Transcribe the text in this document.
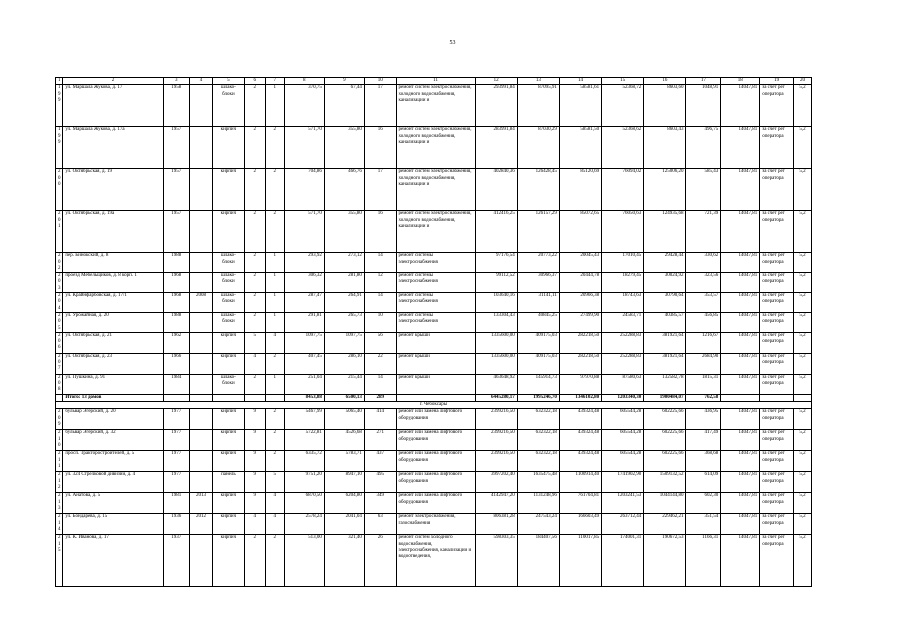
53
1	2	3	4	5	6	7	8	9	10	11	12	13	14	15	16	17	18	19	20
199	ул. Маршала Жукова, д. 17	1958		шлако-блоки	2	1	370,75	67,44	17	ремонт систем электроснабжения, холодного водоснабжения, канализации и	293991,84	87095,91	58581,61	52368,72	8603,60	1048,91	14047,81	за счет рег оператора	5,2
199	ул. Маршала Жукова, д. 17а	1957		кирпич	2	2	571,70	355,80	16	ремонт систем электроснабжения, холодного водоснабжения, канализации и	283991,84	87030,29	58581,50	52368,62	8603,43	496,75	14047,81	за счет рег оператора	5,2
200	ул. Октябрьская, д. 19	1957		кирпич	2	2	704,86	466,76	17	ремонт систем электроснабжения, холодного водоснабжения, канализации и	402840,36	126428,45	85120,69	76094,02	125006,20	585,43	14047,81	за счет рег оператора	5,2
201	ул. Октябрьская, д. 19а	1957		кирпич	2	2	571,70	355,80	16	ремонт систем электроснабжения, холодного водоснабжения, канализации и	412416,25	126157,29	85072,65	76050,63	124935,68	721,39	14047,81	за счет рег оператора	5,2
202	пер. Бинокский, д. 8	1988		шлако-блоки	2	1	293,92	273,12	14	ремонт системы электроснабжения	97176,54	20773,22	20045,43	17010,45	29428,44	330,62	14047,81	за счет рег оператора	5,2
203	проезд Мебельщиков, д. 8 корп. 1	1968		шлако-блоки	2	1	306,32	281,80	12	ремонт системы электроснабжения	99112,52	30966,37	20444,78	18279,45	30024,92	323,56	14047,81	за счет рег оператора	5,2
204	ул. Крайнфарбовская, д. 17/1	1968	2008	шлако-блоки	2	1	287,47	264,91	14	ремонт системы электроснабжения	103640,16	31141,11	20966,38	18743,63	30790,64	353,57	14047,81	за счет рег оператора	5,2
205	ул. Урожайная, д. 20	1988		шлако-блоки	2	1	291,81	265,73	10	ремонт системы электроснабжения	133304,43	40845,25	27499,90	24583,71	40385,57	456,85	14047,81	за счет рег оператора	5,2
206	ул. Октябрьская, д. 21	1962		кирпич	5	4	1097,75	1097,75	56	ремонт крыши	1335600,00	409175,03	282218,50	252288,83	381921,64	1216,67	14047,81	за счет рег оператора	5,2
207	ул. Октябрьская, д. 23	1966		кирпич	4	2	407,45	286,10	22	ремонт крыши	1335600,00	409175,03	282218,50	252288,83	381921,64	2684,90	14047,81	за счет рег оператора	5,2
208	ул. Пушкина, д. 91	1984		шлако-блоки	2	1	251,04	215,44	14	ремонт крыши	463648,92	145914,73	97970,88	87580,63	132582,78	1815,31	14047,81	за счет рег оператора	5,2
	Итого: 13 домов						8453,88	6500,13	289		6445280,17	1995246,70	1346102,80	1203340,30	1900484,07	762,58			
г. Чебоксары																			
209	бульвар Эгерский, д. 20	1977		кирпич	9	2	5467,99	5065,40	414	ремонт или замена лифтового оборудования	2399216,50	632322,18	439324,48	605544,28	602225,66	436,95	14047,81	за счет рег оператора	5,2
210	бульвар Эгерский, д. 32	1977		кирпич	9	2	5722,81	4526,68	271	ремонт или замена лифтового оборудования	2399216,50	632322,18	439324,48	605544,28	602225,66	417,49	14047,81	за счет рег оператора	5,2
211	просп. Тракторостроителей, д. 5	1977		кирпич	9	2	6335,72	5783,71	437	ремонт или замена лифтового оборудования	2399216,50	632322,18	439324,48	605544,28	602225,66	368,68	14047,81	за счет рег оператора	5,2
212	ул. 324 Стрелковой дивизии, д. 4	1977		панель	9	5	9751,20	8947,10	495	ремонт или замена лифтового оборудования	3997202,40	1635475,48	1100914,40	1741902,90	1509132,52	614,09	14047,81	за счет рег оператора	5,2
213	ул. Анатова, д. 5	1981	2013	кирпич	9	4	6870,50	6204,80	349	ремонт или замена лифтового оборудования	4142947,20	1131248,96	761704,81	1203241,53	1044144,80	602,30	14047,81	за счет рег оператора	5,2
214	ул. Бондарева, д. 15	1936	2012	кирпич	4	4	2578,24	2041,04	63	ремонт электроснабжения, газоснабжения	806381,28	247543,24	166603,49	263712,44	229462,21	351,54	14047,81	за счет рег оператора	5,2
215	ул. К. Иванова, д. 17	1937		кирпич	2	2	513,00	321,40	26	ремонт систем холодного водоснабжения, электроснабжения, канализации и водоотведения,	598303,35	184407,56	110017,85	174001,31	190672,53	1166,31	14047,81	за счет рег оператора	5,2
